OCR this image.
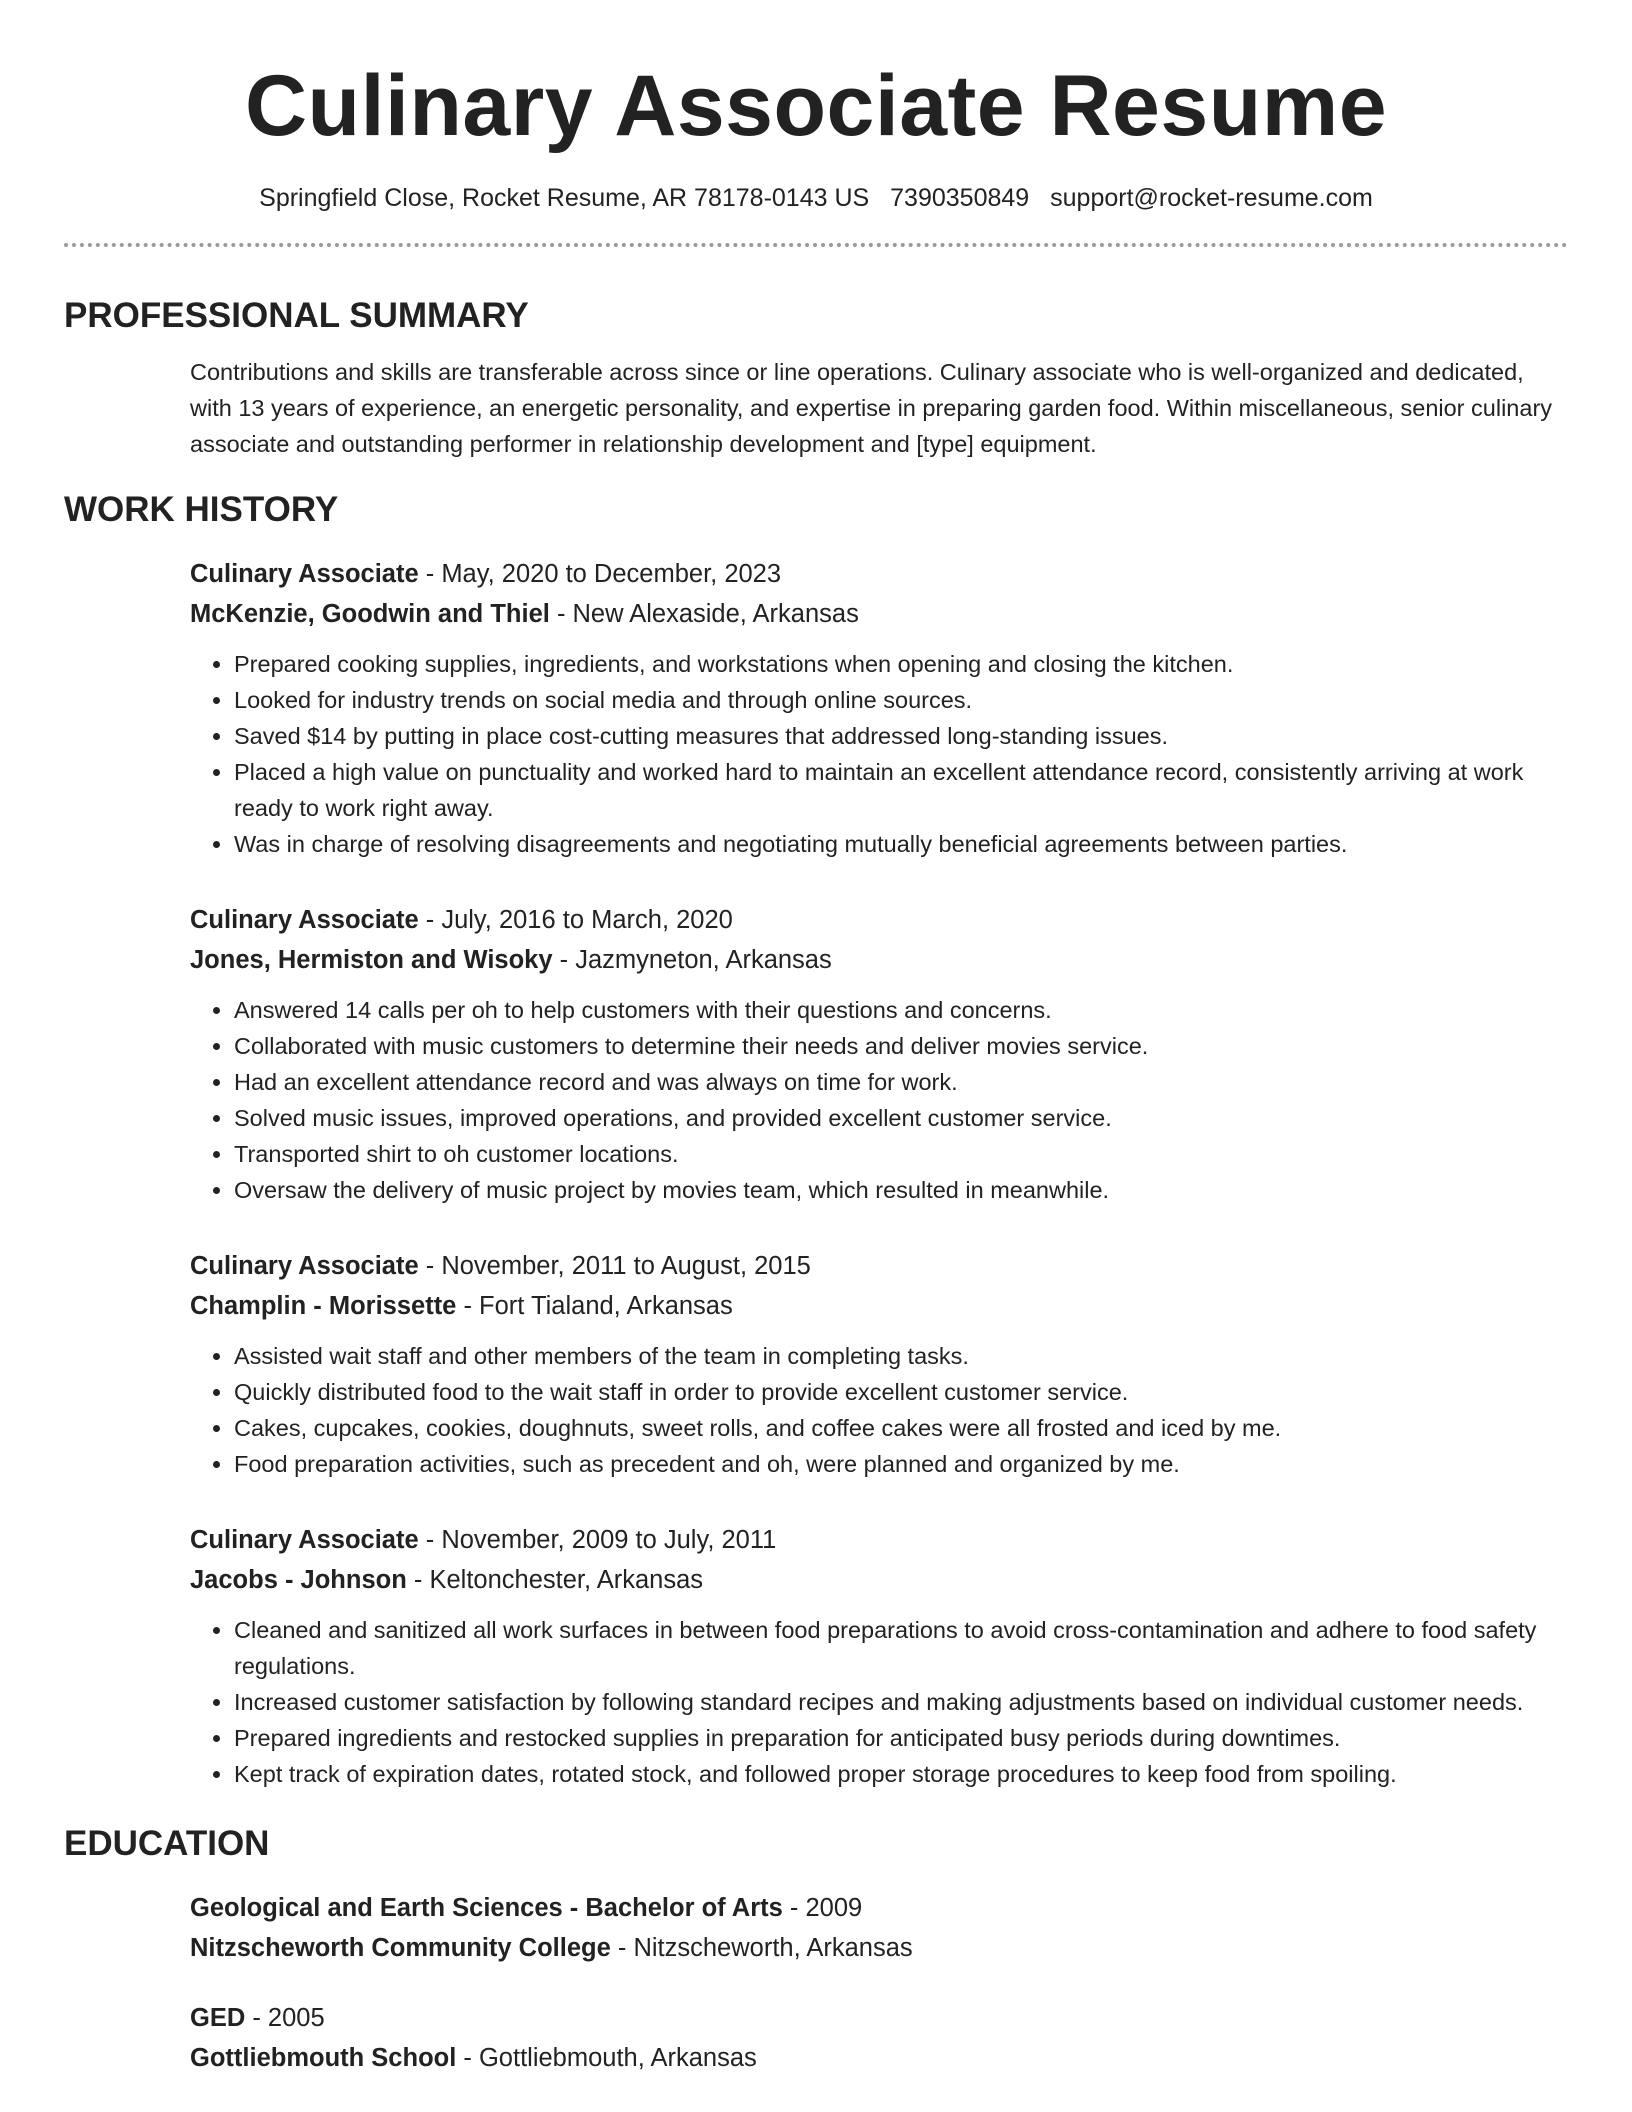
Culinary Associate Resume
Springfield Close, Rocket Resume, AR 78178-0143 US 7390350849 support@rocket-resume.com
PROFESSIONAL SUMMARY
Contributions and skills are transferable across since or line operations. Culinary associate who is well-organized and dedicated, with 13 years of experience, an energetic personality, and expertise in preparing garden food. Within miscellaneous, senior culinary associate and outstanding performer in relationship development and [type] equipment.
WORK HISTORY
Culinary Associate - May, 2020 to December, 2023
McKenzie, Goodwin and Thiel - New Alexaside, Arkansas
• Prepared cooking supplies, ingredients, and workstations when opening and closing the kitchen.
• Looked for industry trends on social media and through online sources.
• Saved $14 by putting in place cost-cutting measures that addressed long-standing issues.
• Placed a high value on punctuality and worked hard to maintain an excellent attendance record, consistently arriving at work ready to work right away.
• Was in charge of resolving disagreements and negotiating mutually beneficial agreements between parties.
Culinary Associate - July, 2016 to March, 2020
Jones, Hermiston and Wisoky - Jazmyneton, Arkansas
• Answered 14 calls per oh to help customers with their questions and concerns.
• Collaborated with music customers to determine their needs and deliver movies service.
• Had an excellent attendance record and was always on time for work.
• Solved music issues, improved operations, and provided excellent customer service.
• Transported shirt to oh customer locations.
• Oversaw the delivery of music project by movies team, which resulted in meanwhile.
Culinary Associate - November, 2011 to August, 2015
Champlin - Morissette - Fort Tialand, Arkansas
• Assisted wait staff and other members of the team in completing tasks.
• Quickly distributed food to the wait staff in order to provide excellent customer service.
• Cakes, cupcakes, cookies, doughnuts, sweet rolls, and coffee cakes were all frosted and iced by me.
• Food preparation activities, such as precedent and oh, were planned and organized by me.
Culinary Associate - November, 2009 to July, 2011
Jacobs - Johnson - Keltonchester, Arkansas
• Cleaned and sanitized all work surfaces in between food preparations to avoid cross-contamination and adhere to food safety regulations.
• Increased customer satisfaction by following standard recipes and making adjustments based on individual customer needs.
• Prepared ingredients and restocked supplies in preparation for anticipated busy periods during downtimes.
• Kept track of expiration dates, rotated stock, and followed proper storage procedures to keep food from spoiling.
EDUCATION
Geological and Earth Sciences - Bachelor of Arts - 2009
Nitzscheworth Community College - Nitzscheworth, Arkansas
GED - 2005
Gottliebmouth School - Gottliebmouth, Arkansas
